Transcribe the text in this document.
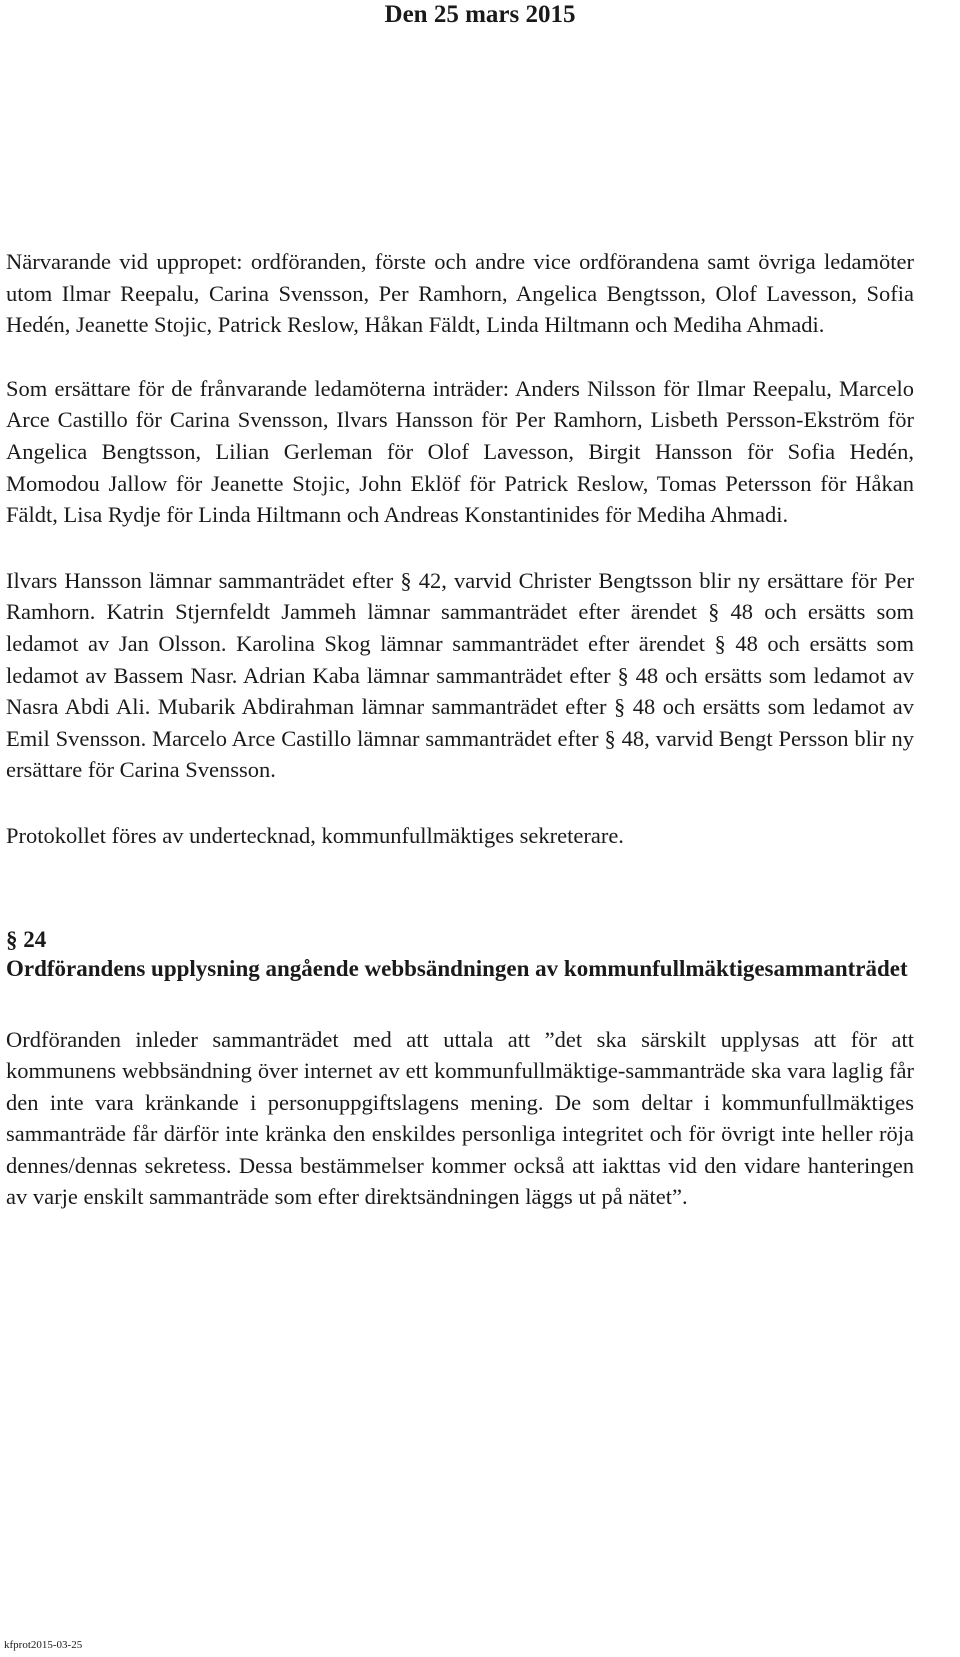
Den 25 mars 2015

Närvarande vid uppropet: ordföranden, förste och andre vice ordförandena samt övriga ledamöter utom Ilmar Reepalu, Carina Svensson, Per Ramhorn, Angelica Bengtsson, Olof Lavesson, Sofia Hedén, Jeanette Stojic, Patrick Reslow, Håkan Fäldt, Linda Hiltmann och Mediha Ahmadi.

Som ersättare för de frånvarande ledamöterna inträder: Anders Nilsson för Ilmar Reepalu, Marcelo Arce Castillo för Carina Svensson, Ilvars Hansson för Per Ramhorn, Lisbeth Persson-Ekström för Angelica Bengtsson, Lilian Gerleman för Olof Lavesson, Birgit Hansson för Sofia Hedén, Momodou Jallow för Jeanette Stojic, John Eklöf för Patrick Reslow, Tomas Petersson för Håkan Fäldt, Lisa Rydje för Linda Hiltmann och Andreas Konstantinides för Mediha Ahmadi.

Ilvars Hansson lämnar sammanträdet efter § 42, varvid Christer Bengtsson blir ny ersättare för Per Ramhorn. Katrin Stjernfeldt Jammeh lämnar sammanträdet efter ärendet § 48 och ersätts som ledamot av Jan Olsson. Karolina Skog lämnar sammanträdet efter ärendet § 48 och ersätts som ledamot av Bassem Nasr. Adrian Kaba lämnar sammanträdet efter § 48 och ersätts som ledamot av Nasra Abdi Ali. Mubarik Abdirahman lämnar sammanträdet efter § 48 och ersätts som ledamot av Emil Svensson. Marcelo Arce Castillo lämnar sammanträdet efter § 48, varvid Bengt Persson blir ny ersättare för Carina Svensson.

Protokollet föres av undertecknad, kommunfullmäktiges sekreterare.

§ 24

Ordförandens upplysning angående webbsändningen av kommunfullmäktigesammanträdet

Ordföranden inleder sammanträdet med att uttala att ”det ska särskilt upplysas att för att kommunens webbsändning över internet av ett kommunfullmäktige-sammanträde ska vara laglig får den inte vara kränkande i personuppgiftslagens mening. De som deltar i kommunfullmäktiges sammanträde får därför inte kränka den enskildes personliga integritet och för övrigt inte heller röja dennes/dennas sekretess. Dessa bestämmelser kommer också att iakttas vid den vidare hanteringen av varje enskilt sammanträde som efter direktsändningen läggs ut på nätet”.

kfprot2015-03-25
